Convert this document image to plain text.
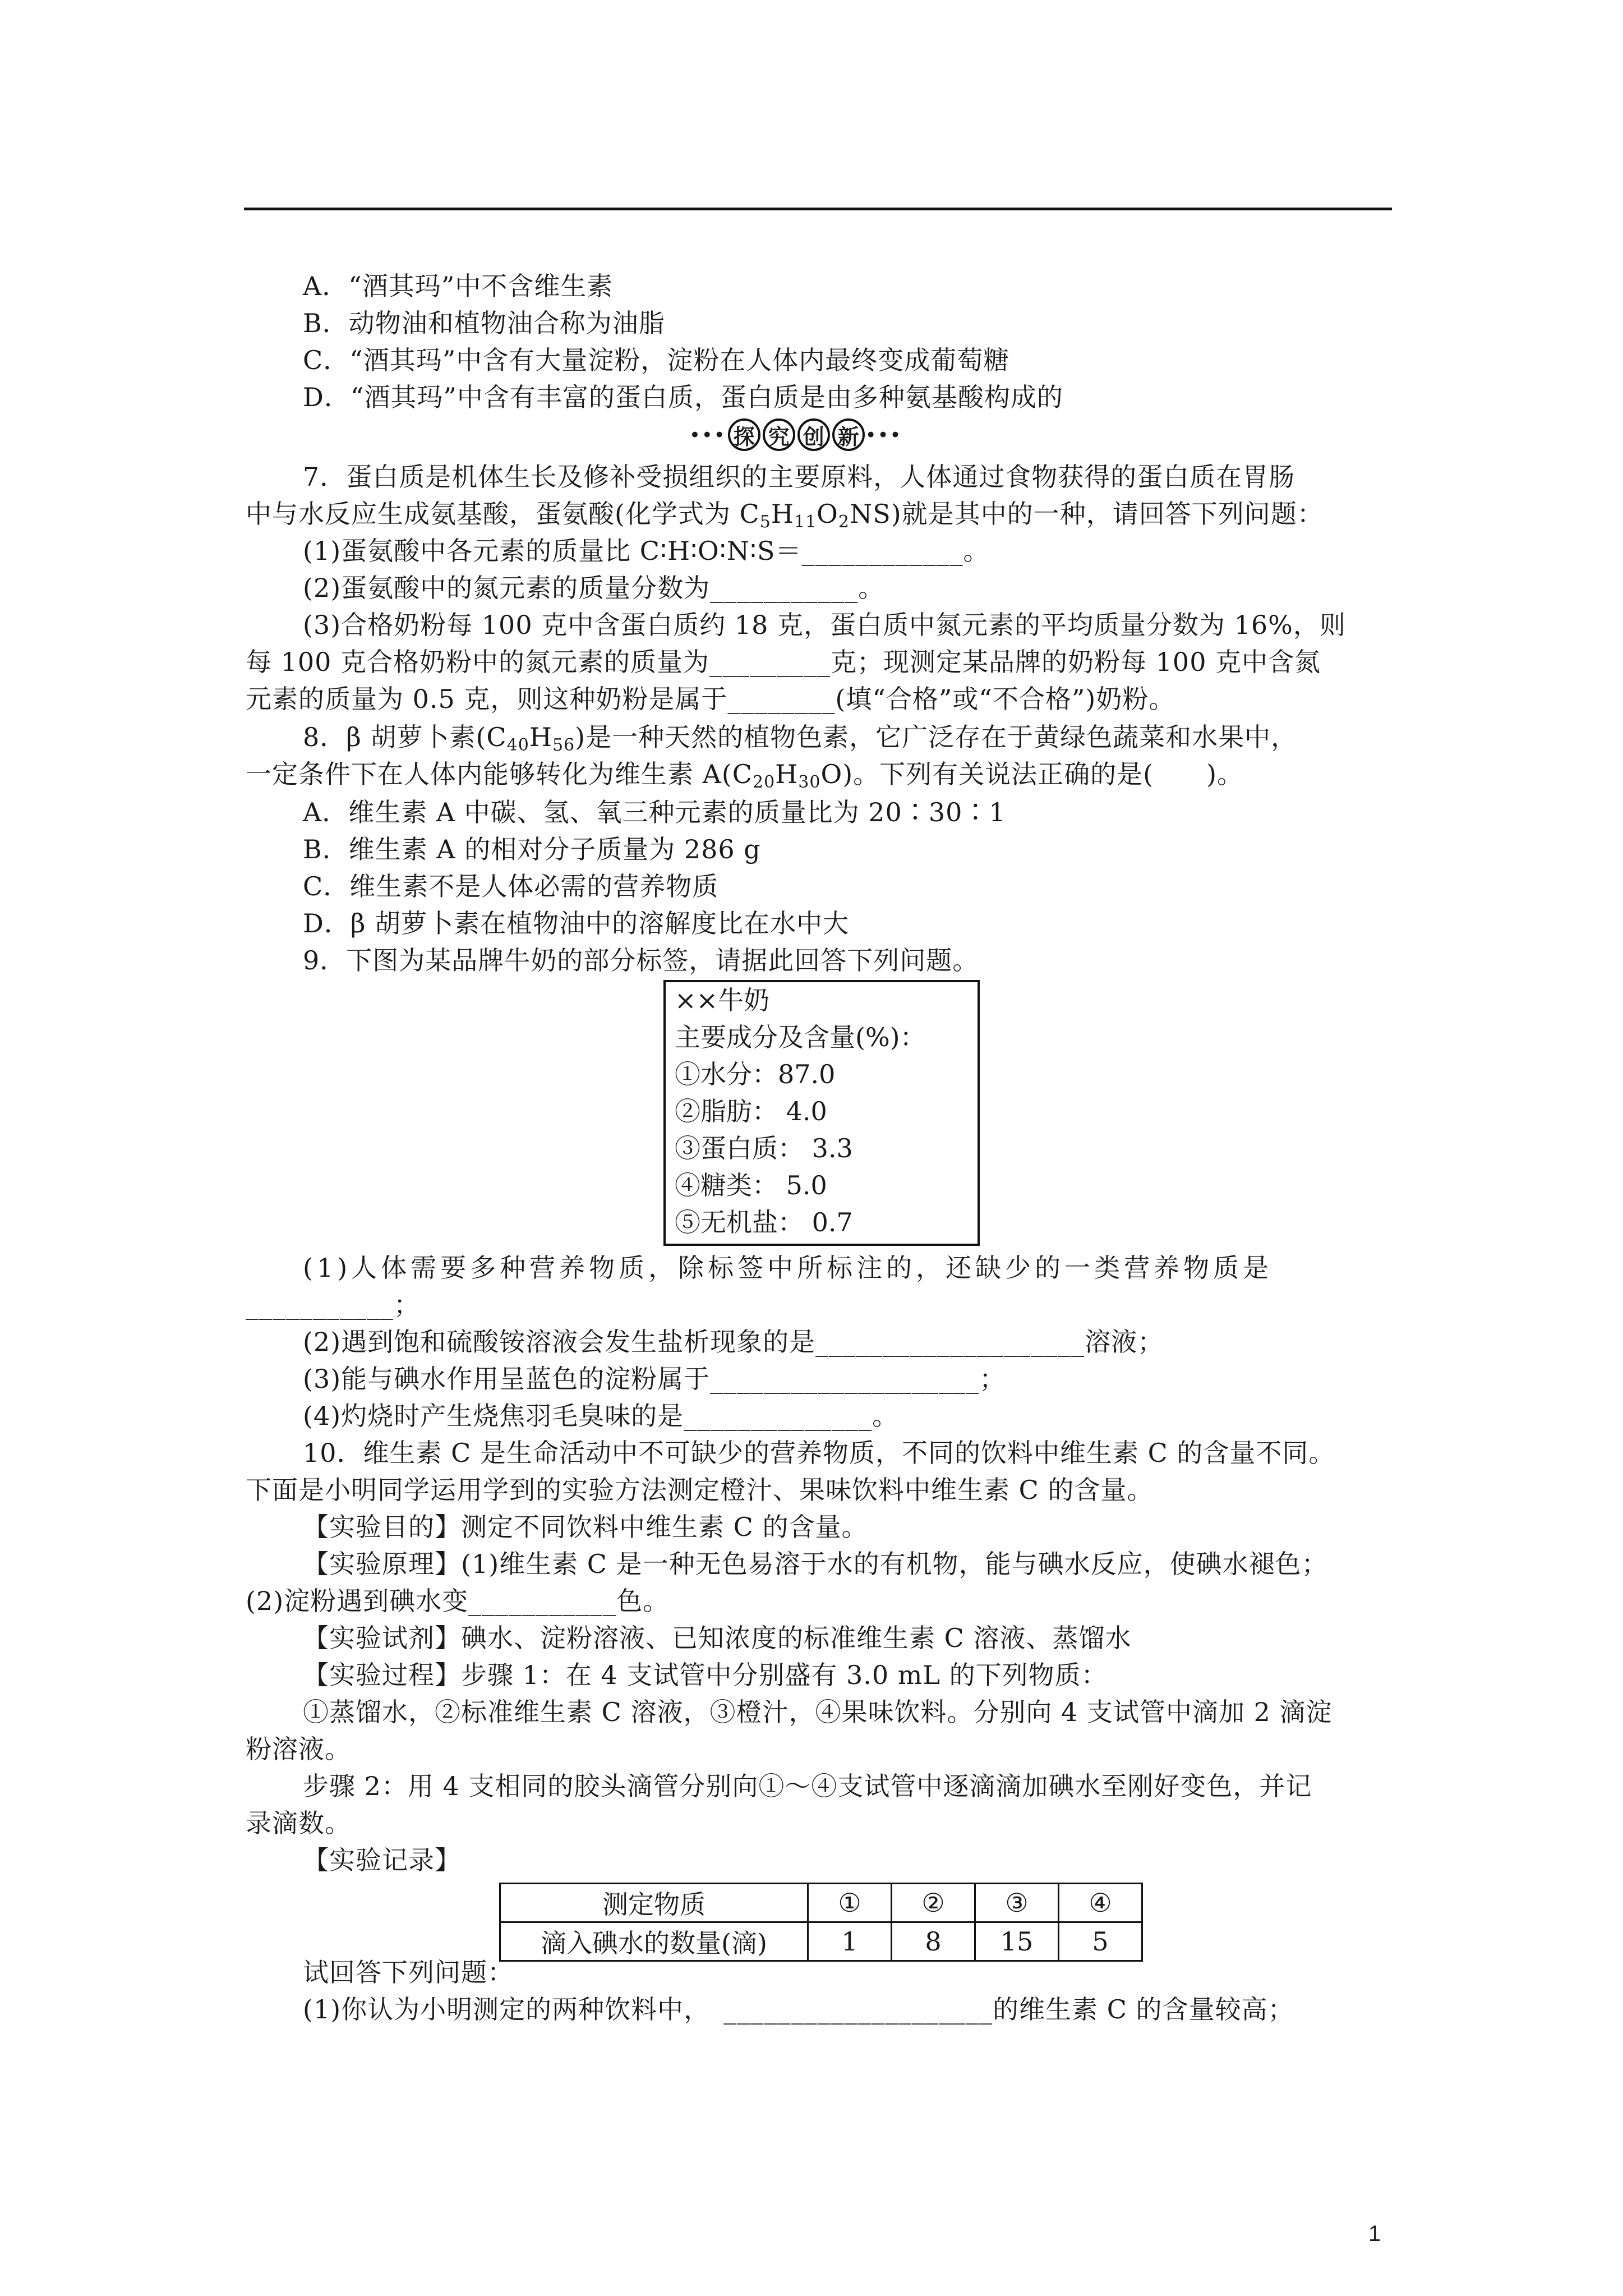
A．“酒其玛”中不含维生素
B．动物油和植物油合称为油脂
C．“酒其玛”中含有大量淀粉，淀粉在人体内最终变成葡萄糖
D．“酒其玛”中含有丰富的蛋白质，蛋白质是由多种氨基酸构成的
••• 探 究 创 新 •••
7．蛋白质是机体生长及修补受损组织的主要原料，人体通过食物获得的蛋白质在胃肠
中与水反应生成氨基酸，蛋氨酸(化学式为 $C_5H_{11}O_2NS$)就是其中的一种，请回答下列问题：
(1)蛋氨酸中各元素的质量比 C∶H∶O∶N∶S＝____________。
(2)蛋氨酸中的氮元素的质量分数为___________。
(3)合格奶粉每 100 克中含蛋白质约 18 克，蛋白质中氮元素的平均质量分数为 16%，则
每 100 克合格奶粉中的氮元素的质量为_________克；现测定某品牌的奶粉每 100 克中含氮
元素的质量为 0.5 克，则这种奶粉是属于________(填“合格”或“不合格”)奶粉。
8．β 胡萝卜素$(C_{40}H_{56})$是一种天然的植物色素，它广泛存在于黄绿色蔬菜和水果中，
一定条件下在人体内能够转化为维生素 $A(C_{20}H_{30}O)$。下列有关说法正确的是(　　)。
A．维生素 A 中碳、氢、氧三种元素的质量比为 20∶30∶1
B．维生素 A 的相对分子质量为 286 g
C．维生素不是人体必需的营养物质
D．β 胡萝卜素在植物油中的溶解度比在水中大
9．下图为某品牌牛奶的部分标签，请据此回答下列问题。
××牛奶
主要成分及含量(%)：
①水分：87.0
②脂肪： 4.0
③蛋白质： 3.3
④糖类： 5.0
⑤无机盐： 0.7
(1)人体需要多种营养物质，除标签中所标注的，还缺少的一类营养物质是
___________；
(2)遇到饱和硫酸铵溶液会发生盐析现象的是____________________溶液；
(3)能与碘水作用呈蓝色的淀粉属于____________________；
(4)灼烧时产生烧焦羽毛臭味的是______________。
10．维生素 C 是生命活动中不可缺少的营养物质，不同的饮料中维生素 C 的含量不同。
下面是小明同学运用学到的实验方法测定橙汁、果味饮料中维生素 C 的含量。
【实验目的】测定不同饮料中维生素 C 的含量。
【实验原理】(1)维生素 C 是一种无色易溶于水的有机物，能与碘水反应，使碘水褪色；
(2)淀粉遇到碘水变___________色。
【实验试剂】碘水、淀粉溶液、已知浓度的标准维生素 C 溶液、蒸馏水
【实验过程】步骤 1：在 4 支试管中分别盛有 3.0 mL 的下列物质：
①蒸馏水，②标准维生素 C 溶液，③橙汁，④果味饮料。分别向 4 支试管中滴加 2 滴淀
粉溶液。
步骤 2：用 4 支相同的胶头滴管分别向①～④支试管中逐滴滴加碘水至刚好变色，并记
录滴数。
【实验记录】
测定物质	①	②	③	④
滴入碘水的数量(滴)	1	8	15	5
试回答下列问题：
(1)你认为小明测定的两种饮料中，　____________________的维生素 C 的含量较高；
1
